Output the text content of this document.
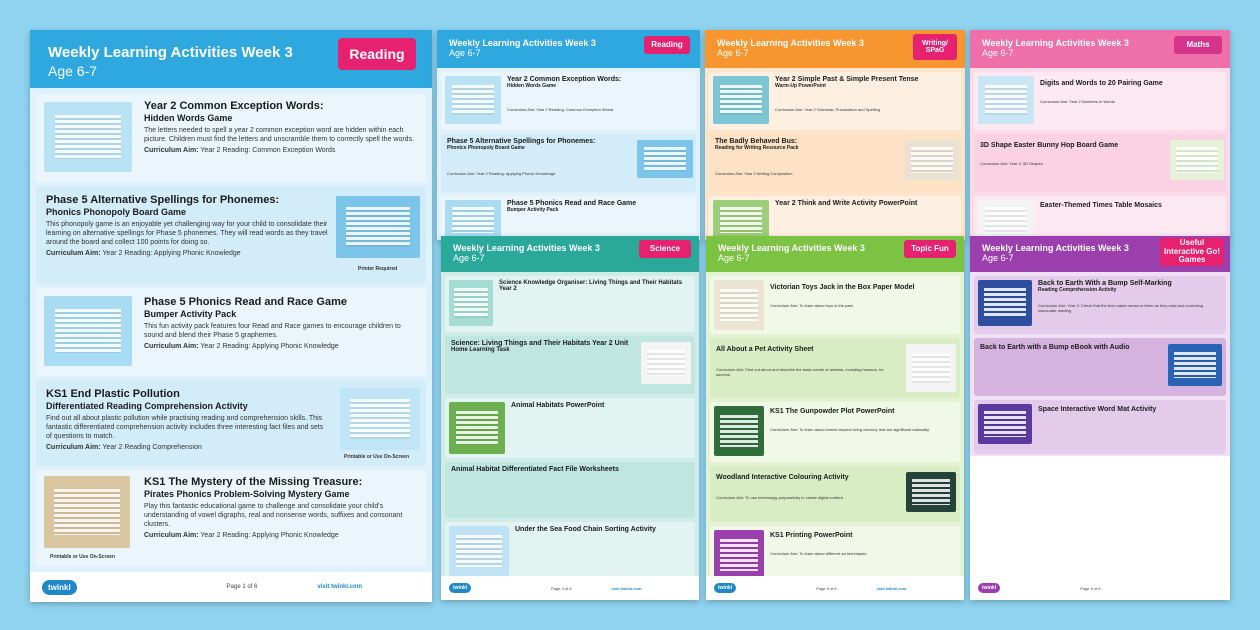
Weekly Learning Activities Week 3
Age 6-7
Reading
Year 2 Common Exception Words:
Hidden Words Game
The letters needed to spell a year 2 common exception word are hidden within each picture. Children must find the letters and unscramble them to correctly spell the words.
Curriculum Aim: Year 2 Reading: Common Exception Words
Phase 5 Alternative Spellings for Phonemes:
Phonics Phonopoly Board Game
This phonopoly game is an enjoyable yet challenging way for your child to consolidate their learning on alternative spellings for Phase 5 phonemes. They will read words as they travel around the board and collect 100 points for doing so.
Curriculum Aim: Year 2 Reading: Applying Phonic Knowledge
Printer Required
Phase 5 Phonics Read and Race Game
Bumper Activity Pack
This fun activity pack features four Read and Race games to encourage children to sound and blend their Phase 5 graphemes.
Curriculum Aim: Year 2 Reading: Applying Phonic Knowledge
KS1 End Plastic Pollution
Differentiated Reading Comprehension Activity
Find out all about plastic pollution while practising reading and comprehension skills. This fantastic differentiated comprehension activity includes three interesting fact files and sets of questions to match.
Curriculum Aim: Year 2 Reading Comprehension
Printable or Use On-Screen
Printable or Use On-Screen
KS1 The Mystery of the Missing Treasure:
Pirates Phonics Problem-Solving Mystery Game
Play this fantastic educational game to challenge and consolidate your child's understanding of vowel digraphs, real and nonsense words, suffixes and consonant clusters.
Curriculum Aim: Year 2 Reading: Applying Phonic Knowledge
twinkl	Page 1 of 6	visit twinkl.com
Weekly Learning Activities Week 3
Age 6-7
Reading
Year 2 Common Exception Words:
Hidden Words Game
Curriculum Aim: Year 2 Reading: Common Exception Words
Phase 5 Alternative Spellings for Phonemes:
Phonics Phonopoly Board Game
Curriculum Aim: Year 2 Reading: Applying Phonic Knowledge
Phase 5 Phonics Read and Race Game
Bumper Activity Pack
Weekly Learning Activities Week 3
Age 6-7
Writing/ SPaG
Year 2 Simple Past & Simple Present Tense
Warm-Up PowerPoint
Curriculum Aim: Year 2 Grammar, Punctuation and Spelling
The Badly Behaved Bus:
Reading for Writing Resource Pack
Curriculum Aim: Year 2 Writing Composition
Year 2 Think and Write Activity PowerPoint
Weekly Learning Activities Week 3
Age 6-7
Maths
Digits and Words to 20 Pairing Game
Curriculum Aim: Year 2 Numbers in Words
3D Shape Easter Bunny Hop Board Game
Curriculum Aim: Year 2: 3D Shapes
Easter-Themed Times Table Mosaics
Weekly Learning Activities Week 3
Age 6-7
Science
Science Knowledge Organiser: Living Things and Their Habitats Year 2
Science: Living Things and Their Habitats Year 2 Unit
Home Learning Task
Animal Habitats PowerPoint
Animal Habitat Differentiated Fact File Worksheets
Under the Sea Food Chain Sorting Activity
twinkl	Page 4 of 6	visit twinkl.com
Weekly Learning Activities Week 3
Age 6-7
Topic Fun
Victorian Toys Jack in the Box Paper Model
Curriculum Aim: To learn about toys in the past.
All About a Pet Activity Sheet
Curriculum Aim: Find out about and describe the basic needs of animals, including humans, for survival.
KS1 The Gunpowder Plot PowerPoint
Curriculum Aim: To learn about events beyond living memory that are significant nationally.
Woodland Interactive Colouring Activity
Curriculum Aim: To use technology purposefully to create digital content.
KS1 Printing PowerPoint
Curriculum Aim: To learn about different art techniques.
twinkl	Page 5 of 6	visit twinkl.com
Weekly Learning Activities Week 3
Age 6-7
Useful Interactive Go! Games
Back to Earth With a Bump Self-Marking
Reading Comprehension Activity
Curriculum Aim: Year 2: Check that the text makes sense to them as they read and correcting inaccurate reading.
Back to Earth with a Bump eBook with Audio
Space Interactive Word Mat Activity
twinkl	Page 6 of 6
